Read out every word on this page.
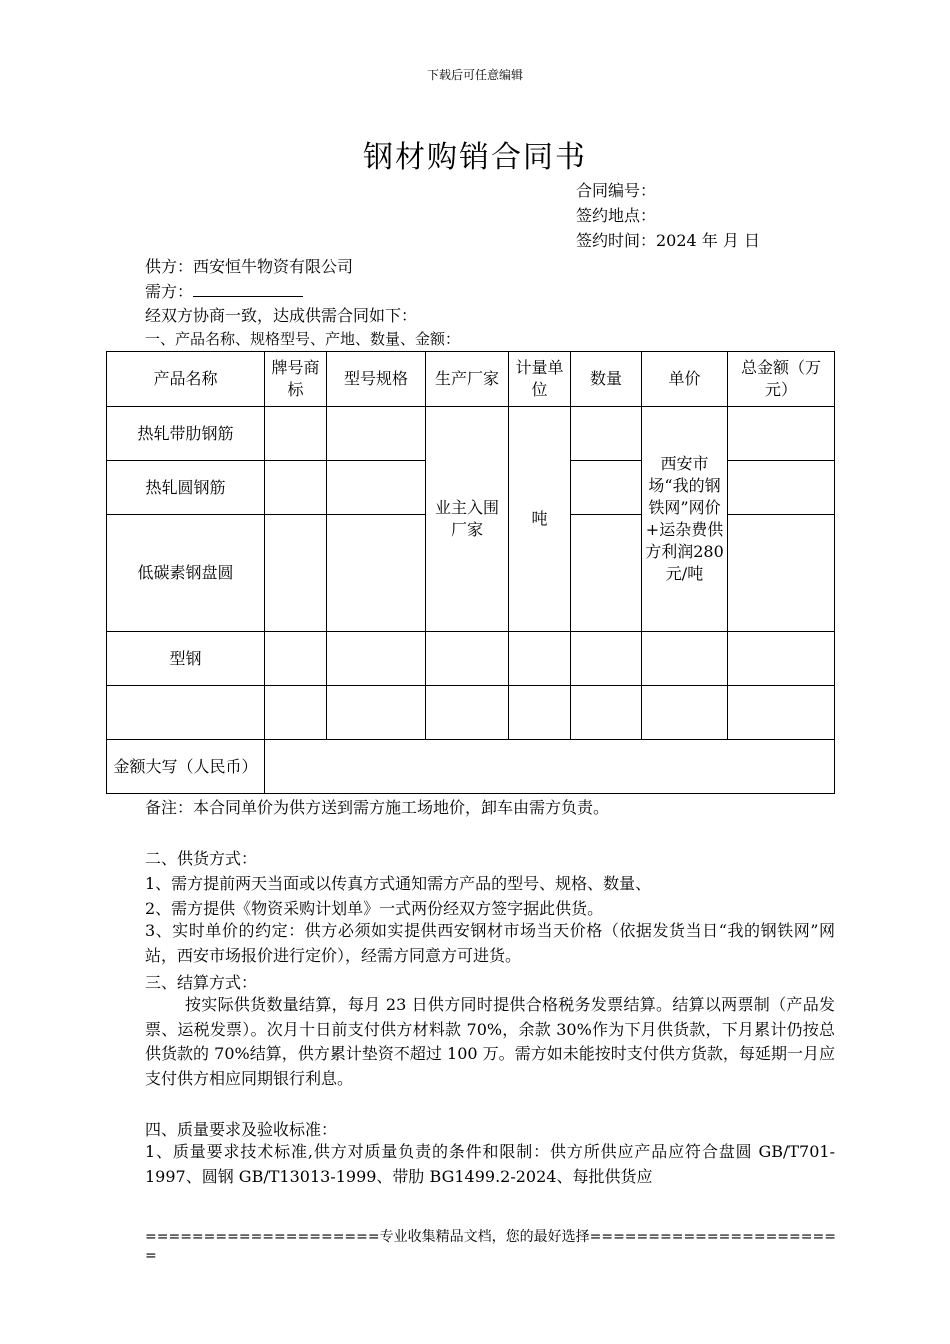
下载后可任意编辑
钢材购销合同书
合同编号：
签约地点：
签约时间：2024 年 月 日
供方：西安恒牛物资有限公司
需方：
经双方协商一致，达成供需合同如下：
一、产品名称、规格型号、产地、数量、金额：
产品名称	牌号商标	型号规格	生产厂家	计量单位	数量	单价	总金额（万元）
热轧带肋钢筋			业主入围厂家	吨		西安市场“我的钢铁网”网价+运杂费供方利润280元/吨	
热轧圆钢筋							
低碳素钢盘圆							
型钢							

金额大写（人民币）							
备注：本合同单价为供方送到需方施工场地价，卸车由需方负责。
二、供货方式：
1、需方提前两天当面或以传真方式通知需方产品的型号、规格、数量、
2、需方提供《物资采购计划单》一式两份经双方签字据此供货。
3、实时单价的约定：供方必须如实提供西安钢材市场当天价格（依据发货当日“我的钢铁网”网站，西安市场报价进行定价），经需方同意方可进货。
三、结算方式：
按实际供货数量结算，每月 23 日供方同时提供合格税务发票结算。结算以两票制（产品发票、运税发票）。次月十日前支付供方材料款 70%，余款 30%作为下月供货款，下月累计仍按总供货款的 70%结算，供方累计垫资不超过 100 万。需方如未能按时支付供方货款，每延期一月应支付供方相应同期银行利息。
四、质量要求及验收标准：
1、质量要求技术标准,供方对质量负责的条件和限制：供方所供应产品应符合盘圆 GB/T701-1997、圆钢 GB/T13013-1999、带肋 BG1499.2-2024、每批供货应
====================专业收集精品文档，您的最好选择=====================
=
